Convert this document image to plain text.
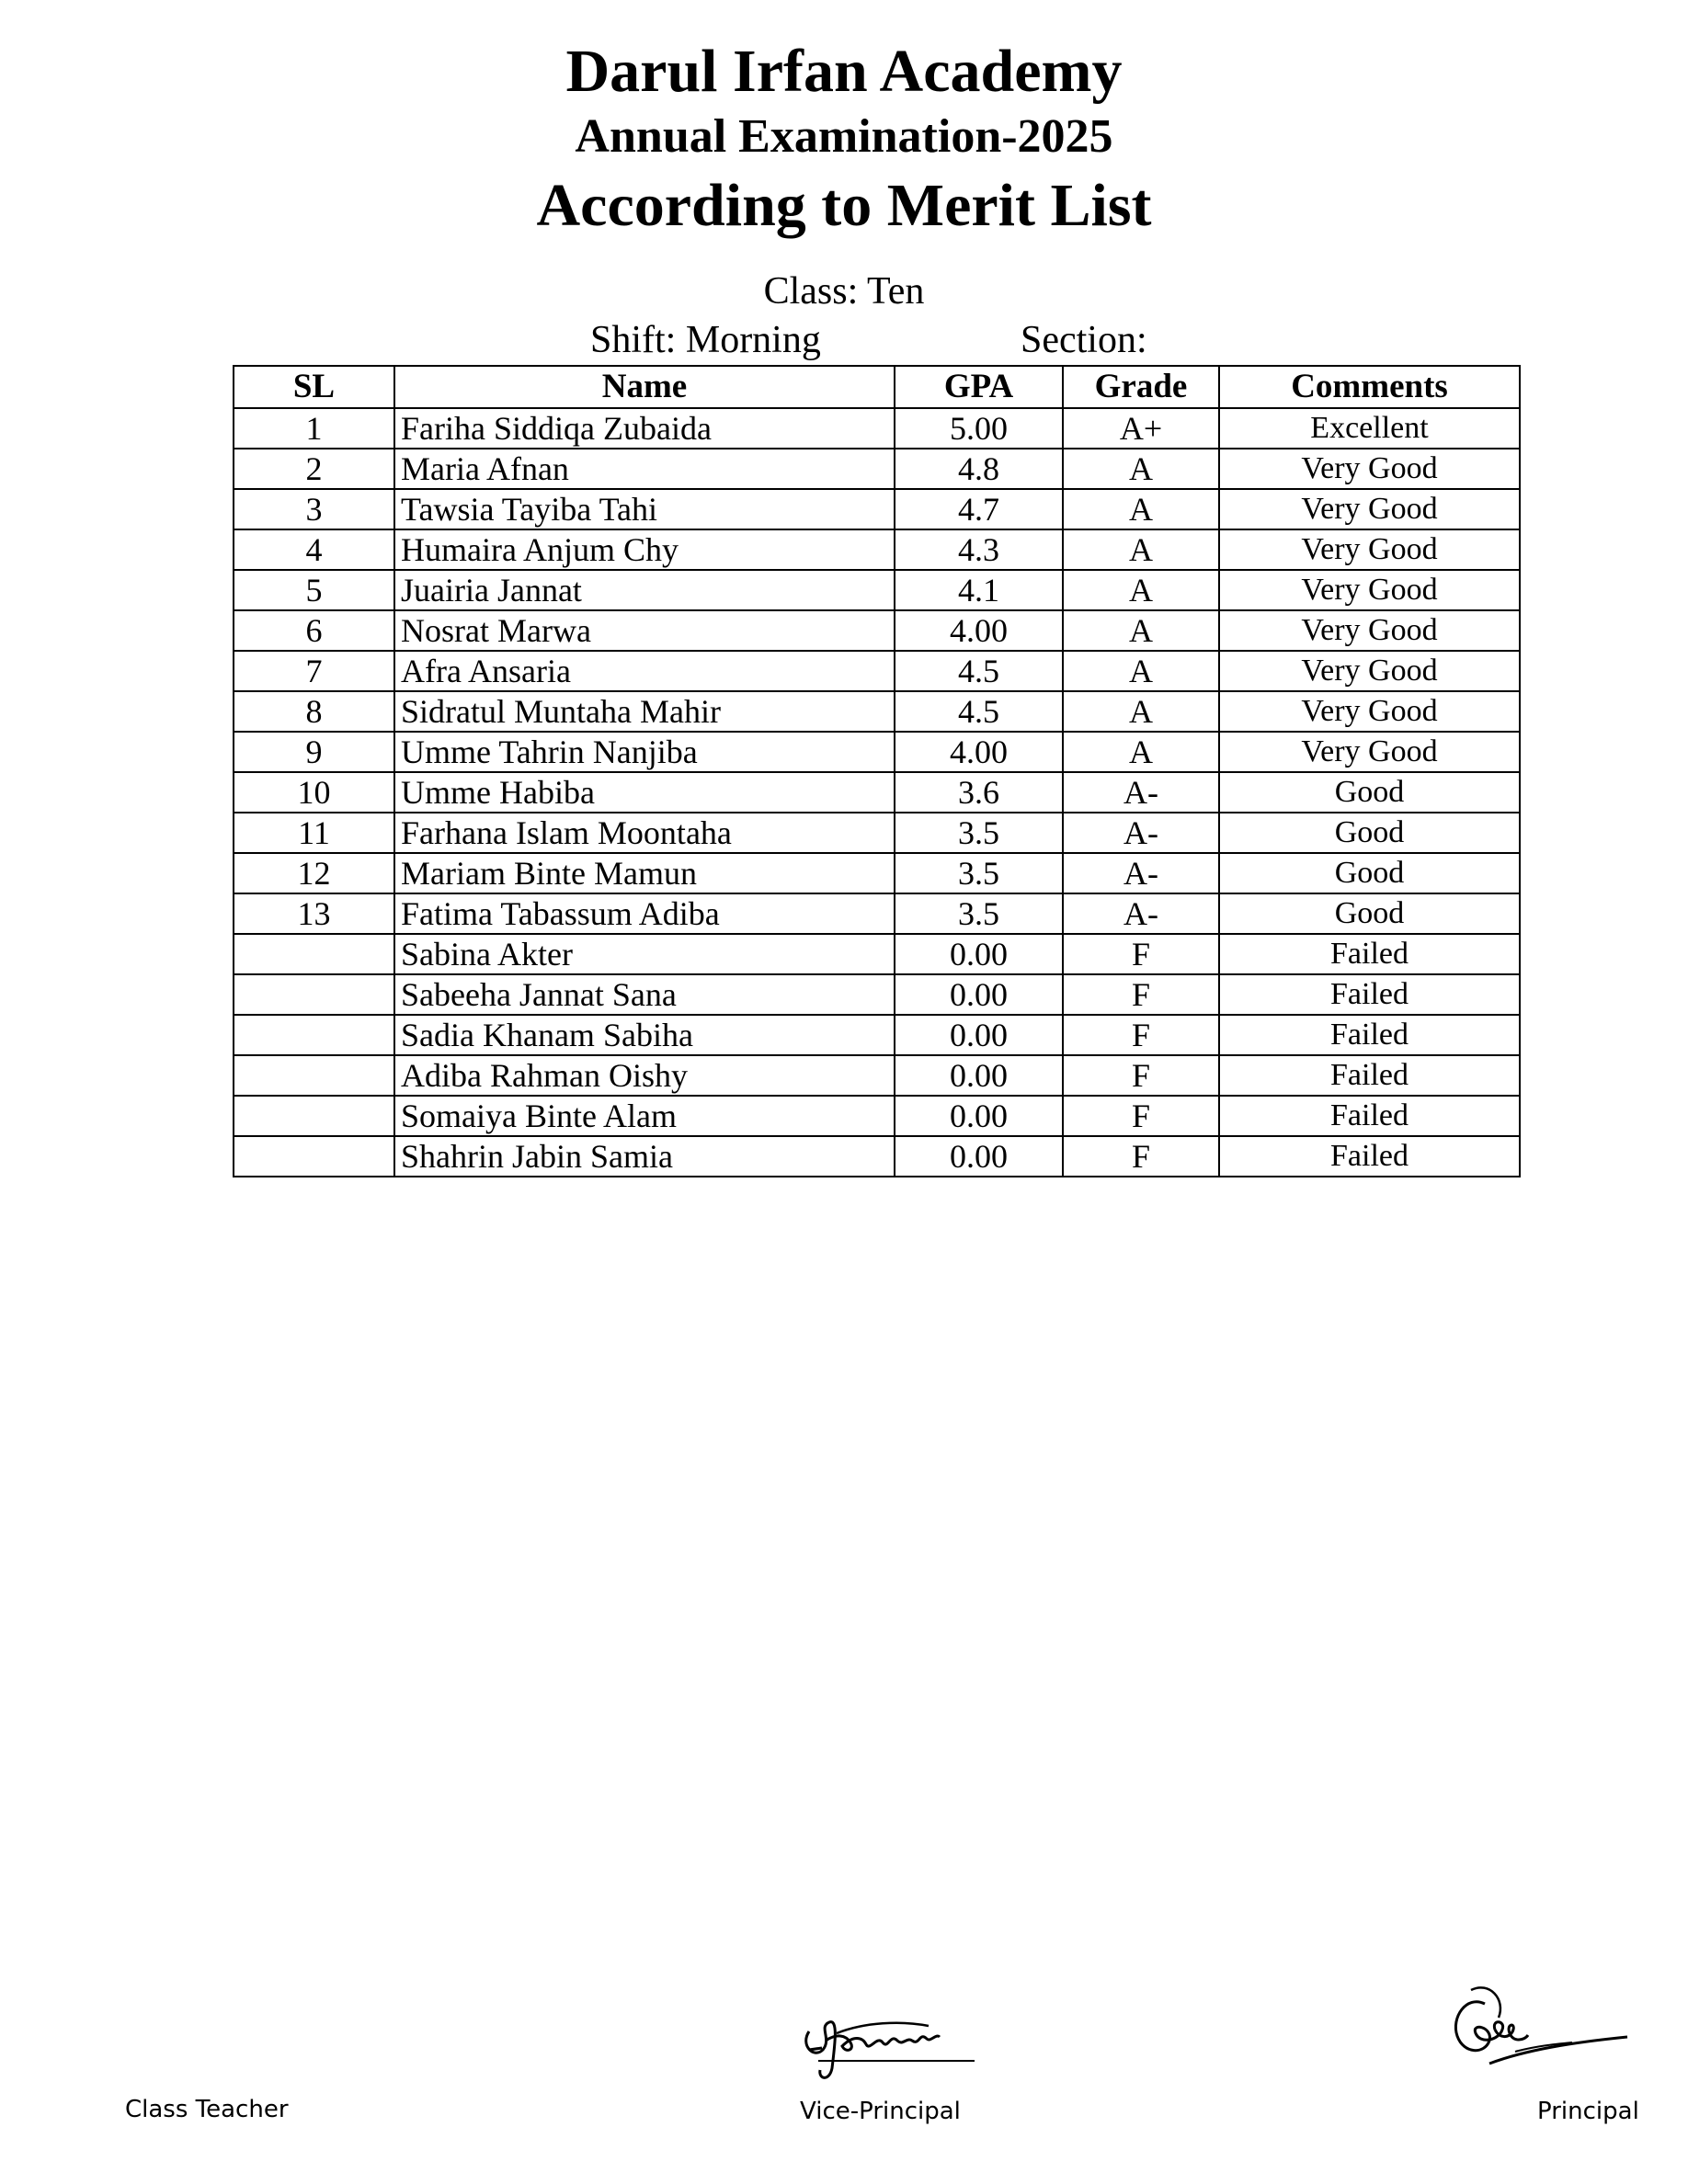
Darul Irfan Academy
Annual Examination-2025
According to Merit List
Class: Ten
Shift: Morning	Section:
SL	Name	GPA	Grade	Comments
1	Fariha Siddiqa Zubaida	5.00	A+	Excellent
2	Maria Afnan	4.8	A	Very Good
3	Tawsia Tayiba Tahi	4.7	A	Very Good
4	Humaira Anjum Chy	4.3	A	Very Good
5	Juairia Jannat	4.1	A	Very Good
6	Nosrat Marwa	4.00	A	Very Good
7	Afra Ansaria	4.5	A	Very Good
8	Sidratul Muntaha Mahir	4.5	A	Very Good
9	Umme Tahrin Nanjiba	4.00	A	Very Good
10	Umme Habiba	3.6	A-	Good
11	Farhana Islam Moontaha	3.5	A-	Good
12	Mariam Binte Mamun	3.5	A-	Good
13	Fatima Tabassum Adiba	3.5	A-	Good
	Sabina Akter	0.00	F	Failed
	Sabeeha Jannat Sana	0.00	F	Failed
	Sadia Khanam Sabiha	0.00	F	Failed
	Adiba Rahman Oishy	0.00	F	Failed
	Somaiya Binte Alam	0.00	F	Failed
	Shahrin Jabin Samia	0.00	F	Failed
Class Teacher	Vice-Principal	Principal
